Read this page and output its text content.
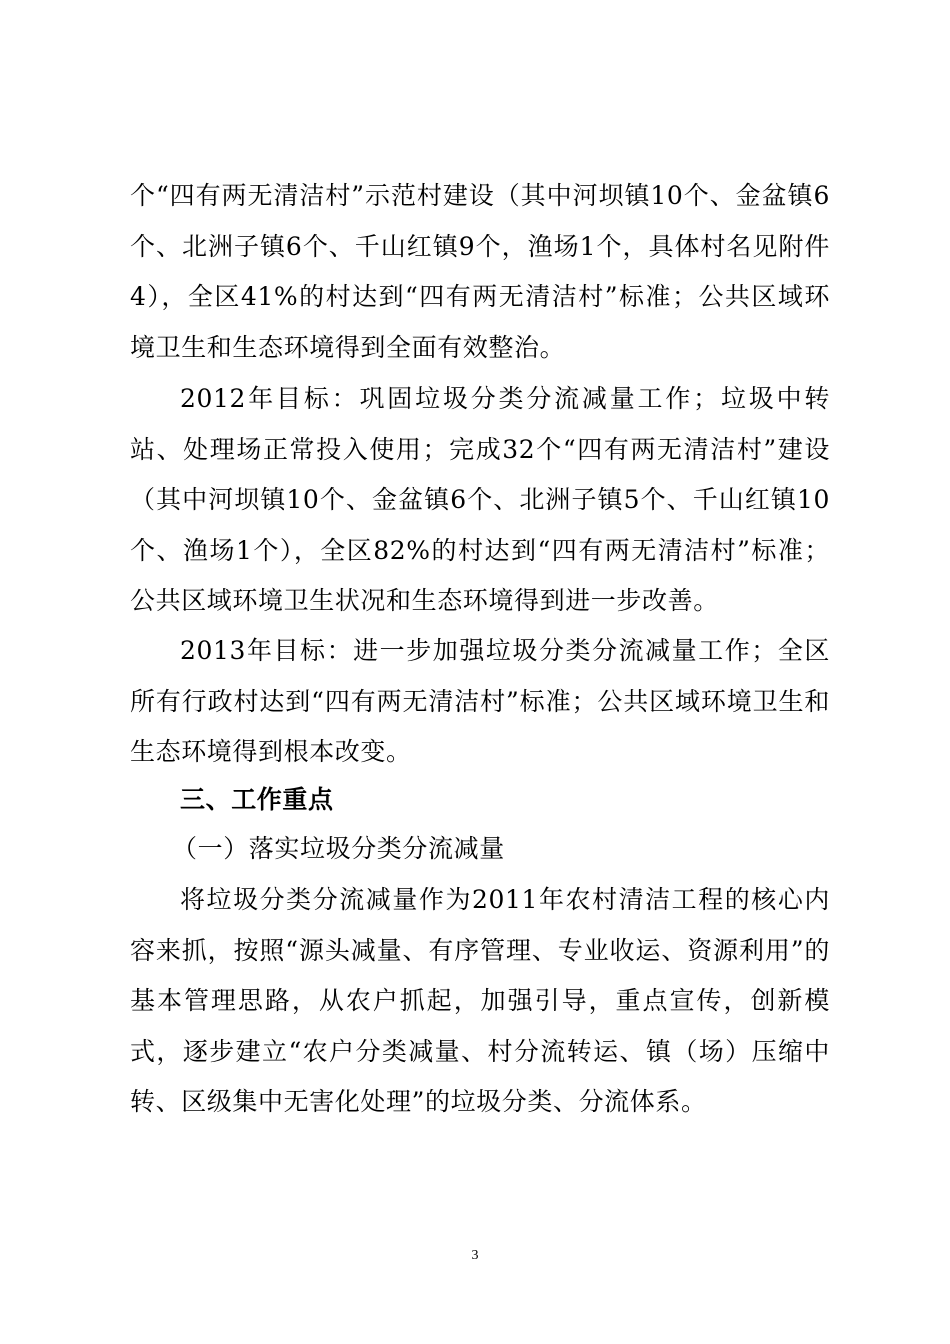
个“四有两无清洁村”示范村建设（其中河坝镇10个、金盆镇6个、北洲子镇6个、千山红镇9个，渔场1个，具体村名见附件4），全区41%的村达到“四有两无清洁村”标准；公共区域环境卫生和生态环境得到全面有效整治。

2012年目标：巩固垃圾分类分流减量工作；垃圾中转站、处理场正常投入使用；完成32个“四有两无清洁村”建设（其中河坝镇10个、金盆镇6个、北洲子镇5个、千山红镇10个、渔场1个），全区82%的村达到“四有两无清洁村”标准；公共区域环境卫生状况和生态环境得到进一步改善。

2013年目标：进一步加强垃圾分类分流减量工作；全区所有行政村达到“四有两无清洁村”标准；公共区域环境卫生和生态环境得到根本改变。

三、工作重点

（一）落实垃圾分类分流减量

将垃圾分类分流减量作为2011年农村清洁工程的核心内容来抓，按照“源头减量、有序管理、专业收运、资源利用”的基本管理思路，从农户抓起，加强引导，重点宣传，创新模式，逐步建立“农户分类减量、村分流转运、镇（场）压缩中转、区级集中无害化处理”的垃圾分类、分流体系。

3
